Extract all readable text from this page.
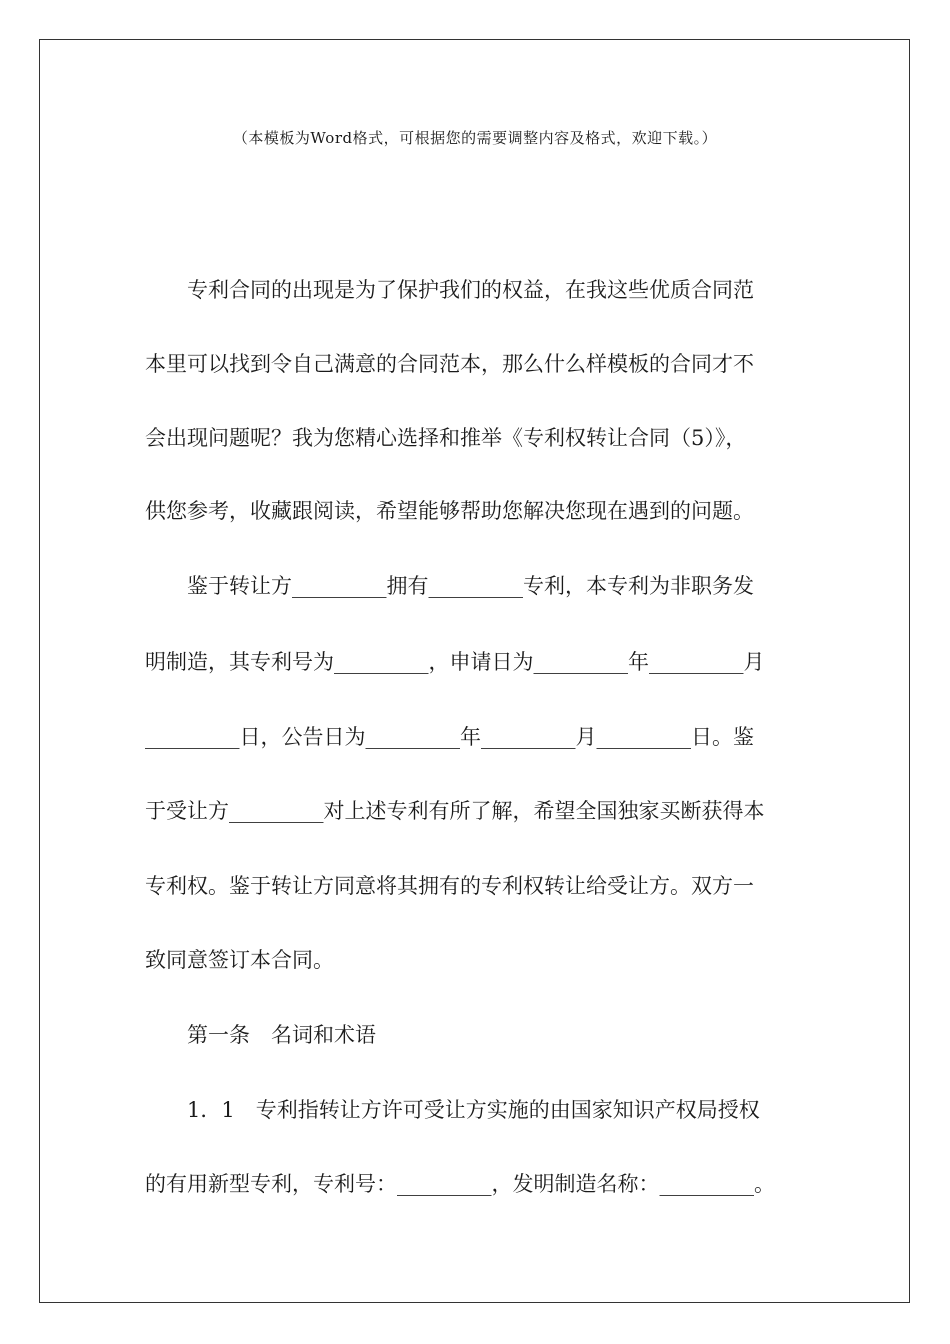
（本模板为Word格式，可根据您的需要调整内容及格式，欢迎下载。）
专利合同的出现是为了保护我们的权益，在我这些优质合同范
本里可以找到令自己满意的合同范本，那么什么样模板的合同才不
会出现问题呢？我为您精心选择和推举《专利权转让合同（5）》，
供您参考，收藏跟阅读，希望能够帮助您解决您现在遇到的问题。
鉴于转让方_________拥有_________专利，本专利为非职务发
明制造，其专利号为_________，申请日为_________年_________月
_________日，公告日为_________年_________月_________日。鉴
于受让方_________对上述专利有所了解，希望全国独家买断获得本
专利权。鉴于转让方同意将其拥有的专利权转让给受让方。双方一
致同意签订本合同。
第一条　名词和术语
1．1　专利指转让方许可受让方实施的由国家知识产权局授权
的有用新型专利，专利号：_________，发明制造名称：_________。
